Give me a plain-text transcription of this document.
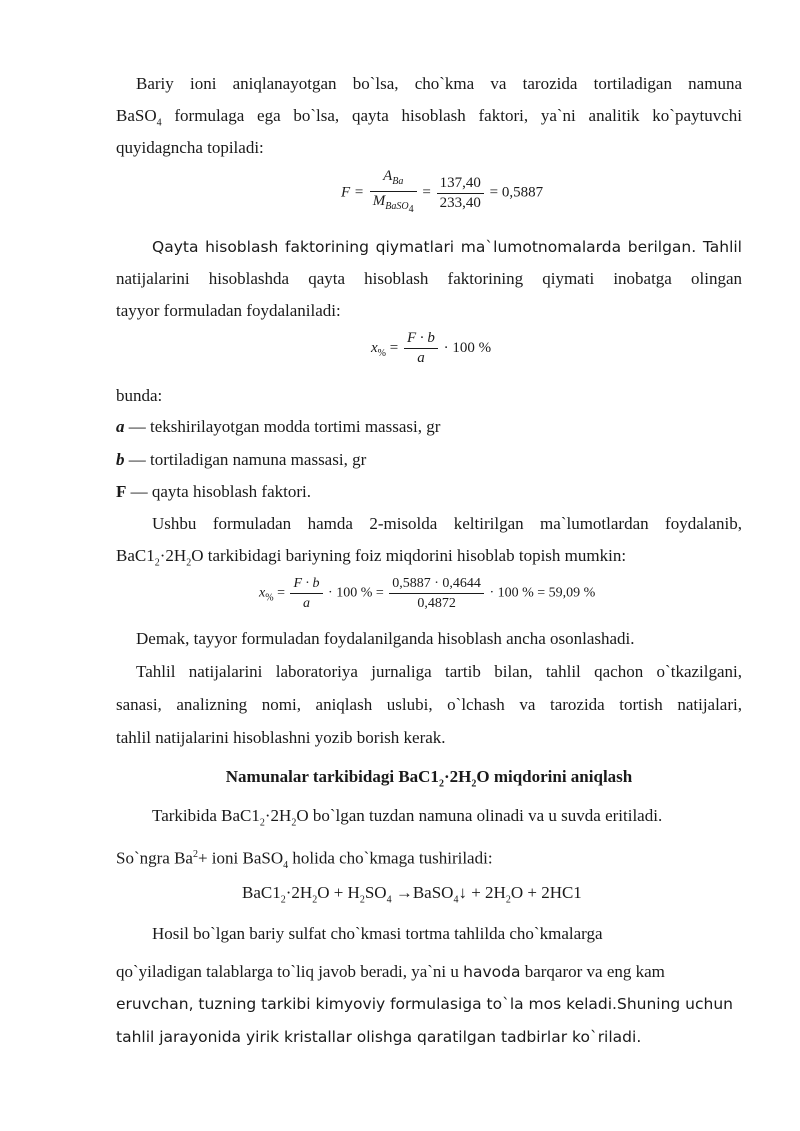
Bariy ioni aniqlanayotgan bo`lsa, cho`kma va tarozida tortiladigan namuna
BaSO$_4$ formulaga ega bo`lsa, qayta hisoblash faktori, ya`ni analitik ko`paytuvchi
quyidagncha topiladi:
$F = \frac{A_{Ba}}{M_{BaSO_4}} = \frac{137,40}{233,40} = 0,5887$
Qayta hisoblash faktorining qiymatlari ma`lumotnomalarda berilgan. Tahlil
natijalarini hisoblashda qayta hisoblash faktorining qiymati inobatga olingan
tayyor formuladan foydalaniladi:
$x_{\%} = \frac{F \cdot b}{a} \cdot 100$ %
bunda:
a — tekshirilayotgan modda tortimi massasi, gr
b — tortiladigan namuna massasi, gr
F — qayta hisoblash faktori.
Ushbu formuladan hamda 2-misolda keltirilgan ma`lumotlardan foydalanib,
$BaC1_2\cdot 2H_2O$ tarkibidagi bariyning foiz miqdorini hisoblab topish mumkin:
$x_{\%} = \frac{F \cdot b}{a} \cdot 100$ % = $\frac{0,5887 \cdot 0,4644}{0,4872} \cdot 100$ % = 59,09 %
Demak, tayyor formuladan foydalanilganda hisoblash ancha osonlashadi.
Tahlil natijalarini laboratoriya jurnaliga tartib bilan, tahlil qachon o`tkazilgani,
sanasi, analizning nomi, aniqlash uslubi, o`lchash va tarozida tortish natijalari,
tahlil natijalarini hisoblashni yozib borish kerak.
Namunalar tarkibidagi $BaC1_2\cdot 2H_2O$ miqdorini aniqlash
Tarkibida $BaC1_2\cdot 2H_2O$ bo`lgan tuzdan namuna olinadi va u suvda eritiladi.
So`ngra $Ba^2+$ ioni BaSO$_4$ holida cho`kmaga tushiriladi:
$BaC1_2\cdot 2H_2O + H_2SO_4$ →BaSO$_4$↓ + $2H_2O + 2HC1$
Hosil bo`lgan bariy sulfat cho`kmasi tortma tahlilda cho`kmalarga
qo`yiladigan talablarga to`liq javob beradi, ya`ni u havoda barqaror va eng kam
eruvchan, tuzning tarkibi kimyoviy formulasiga to`la mos keladi.Shuning uchun
tahlil jarayonida yirik kristallar olishga qaratilgan tadbirlar ko`riladi.
